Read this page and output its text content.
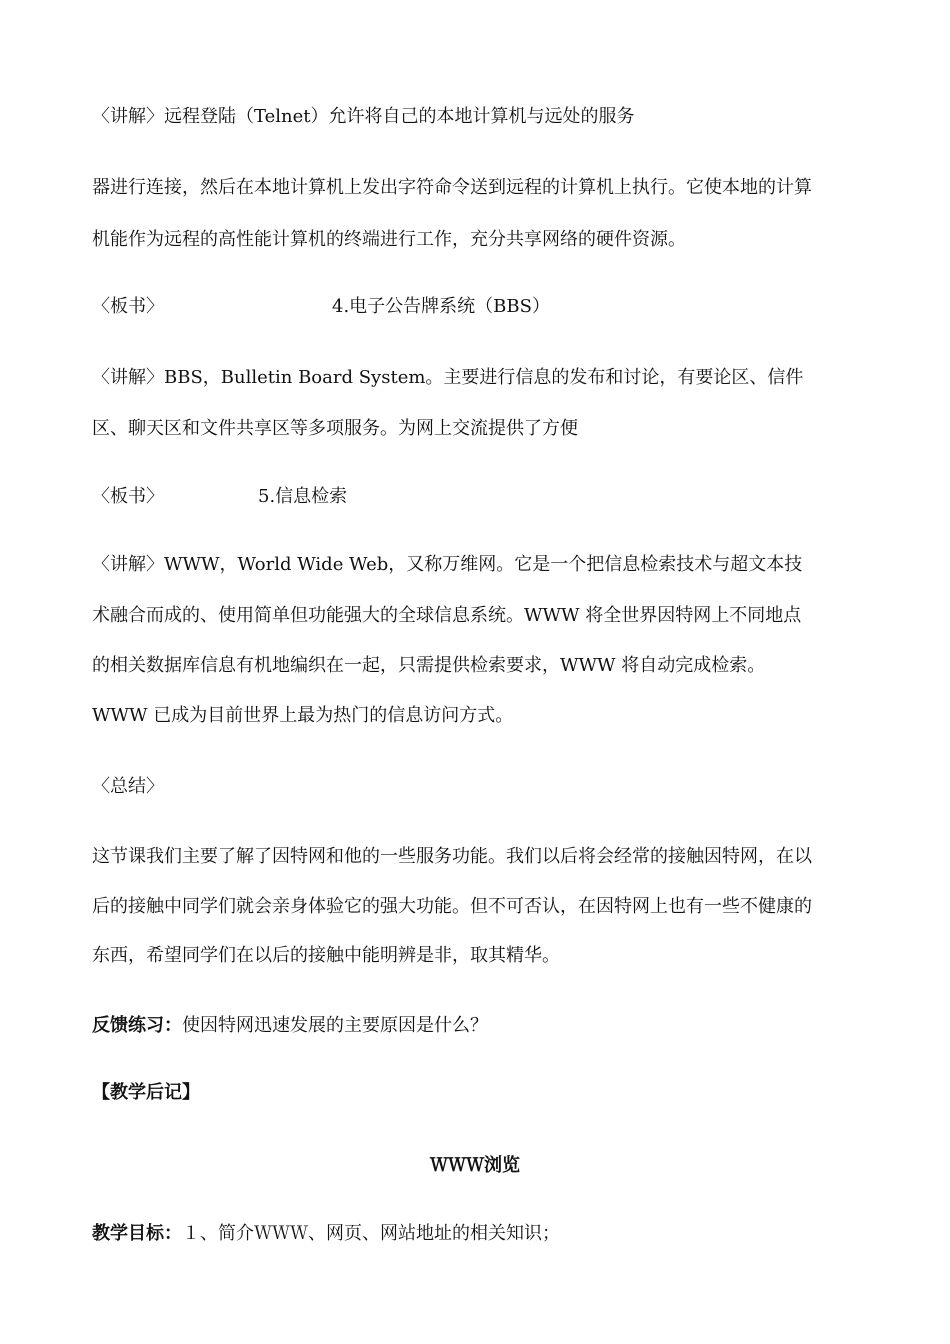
〈讲解〉远程登陆（Telnet）允许将自己的本地计算机与远处的服务
器进行连接，然后在本地计算机上发出字符命令送到远程的计算机上执行。它使本地的计算
机能作为远程的高性能计算机的终端进行工作，充分共享网络的硬件资源。
〈板书〉	4.电子公告牌系统（BBS）
〈讲解〉BBS，Bulletin Board System。主要进行信息的发布和讨论，有要论区、信件
区、聊天区和文件共享区等多项服务。为网上交流提供了方便
〈板书〉	5.信息检索
〈讲解〉WWW，World Wide Web，又称万维网。它是一个把信息检索技术与超文本技
术融合而成的、使用简单但功能强大的全球信息系统。WWW 将全世界因特网上不同地点
的相关数据库信息有机地编织在一起，只需提供检索要求，WWW 将自动完成检索。
WWW 已成为目前世界上最为热门的信息访问方式。
〈总结〉
这节课我们主要了解了因特网和他的一些服务功能。我们以后将会经常的接触因特网，在以
后的接触中同学们就会亲身体验它的强大功能。但不可否认，在因特网上也有一些不健康的
东西，希望同学们在以后的接触中能明辨是非，取其精华。
反馈练习：使因特网迅速发展的主要原因是什么？
【教学后记】
ＷＷＷ浏览
教学目标：１、简介ＷＷＷ、网页、网站地址的相关知识；
